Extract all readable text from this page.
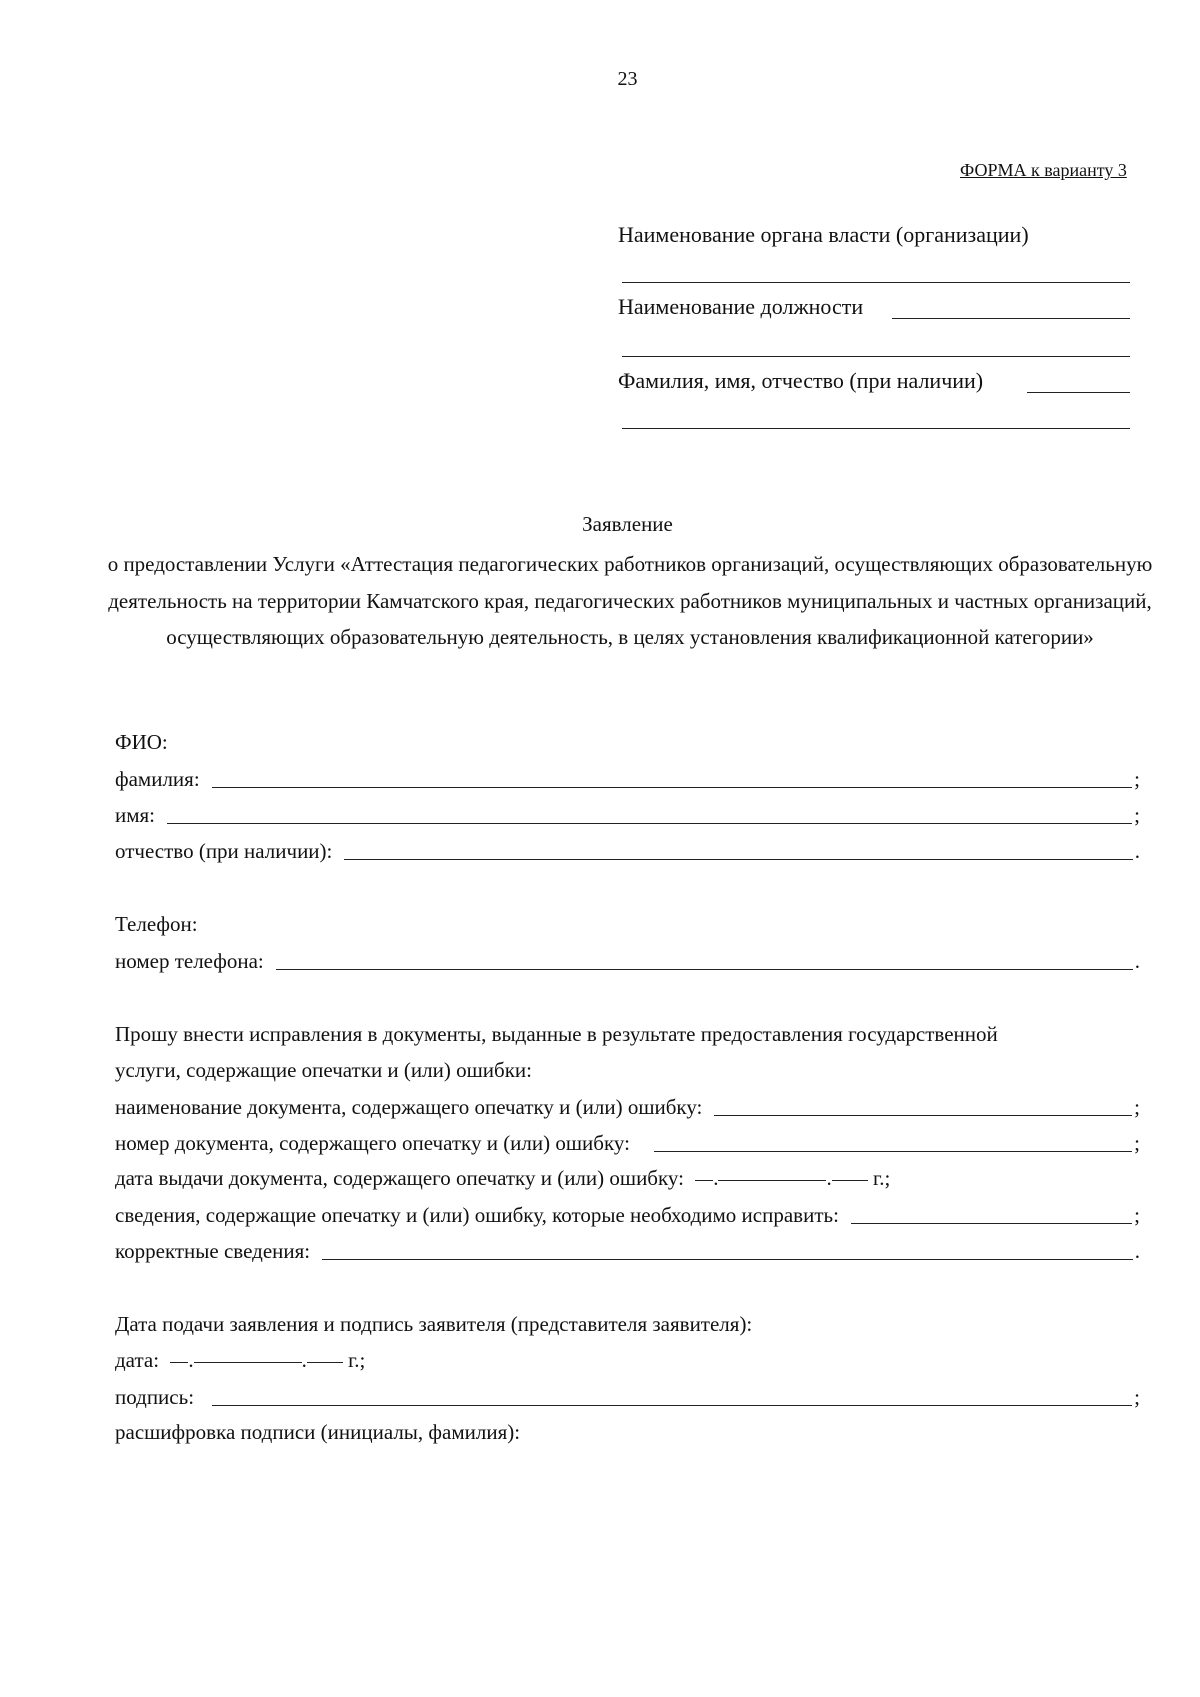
23
ФОРМА к варианту 3
Наименование органа власти (организации)
Наименование должности
Фамилия, имя, отчество (при наличии)
Заявление
о предоставлении Услуги «Аттестация педагогических работников организаций, осуществляющих образовательную деятельность на территории Камчатского края, педагогических работников муниципальных и частных организаций, осуществляющих образовательную деятельность, в целях установления квалификационной категории»
ФИО:
фамилия:	;
имя:	;
отчество (при наличии):	.
Телефон:
номер телефона:	.
Прошу внести исправления в документы, выданные в результате предоставления государственной
услуги, содержащие опечатки и (или) ошибки:
наименование документа, содержащего опечатку и (или) ошибку:	;
номер документа, содержащего опечатку и (или) ошибку:	;
дата выдачи документа, содержащего опечатку и (или) ошибку: .	. г.;
сведения, содержащие опечатку и (или) ошибку, которые необходимо исправить:	;
корректные сведения:	.
Дата подачи заявления и подпись заявителя (представителя заявителя):
дата: .	. г.;
подпись:	;
расшифровка подписи (инициалы, фамилия):
